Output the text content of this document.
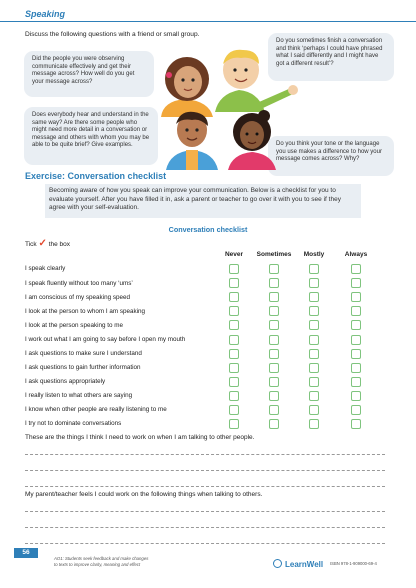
Speaking
Discuss the following questions with a friend or small group.
Did the people you were observing communicate effectively and get their message across? How well do you get your message across?
Do you sometimes finish a conversation and think ‘perhaps I could have phrased what I said differently and I might have got a different result’?
Does everybody hear and understand in the same way? Are there some people who might need more detail in a conversation or message and others with whom you may be able to be quite brief? Give examples.	Do you think your tone or the language you use makes a difference to how your message comes across? Why?
Exercise: Conversation checklist
Becoming aware of how you speak can improve your communication. Below is a checklist for you to evaluate yourself. After you have filled it in, ask a parent or teacher to go over it with you to see if they agree with your self-evaluation.
Conversation checklist
Tick ✓ the box
Never	Sometimes	Mostly	Always
I speak clearly
I speak fluently without too many ‘ums’
I am conscious of my speaking speed
I look at the person to whom I am speaking
I look at the person speaking to me
I work out what I am going to say before I open my mouth
I ask questions to make sure I understand
I ask questions to gain further information
I ask questions appropriately
I really listen to what others are saying
I know when other people are really listening to me
I try not to dominate conversations
These are the things I think I need to work on when I am talking to other people.
My parent/teacher feels I could work on the following things when talking to others.
56
AO1: Students seek feedback and make changes to texts to improve clarity, meaning and effect	LearnWell ISBN 978-1-909000-69-4
